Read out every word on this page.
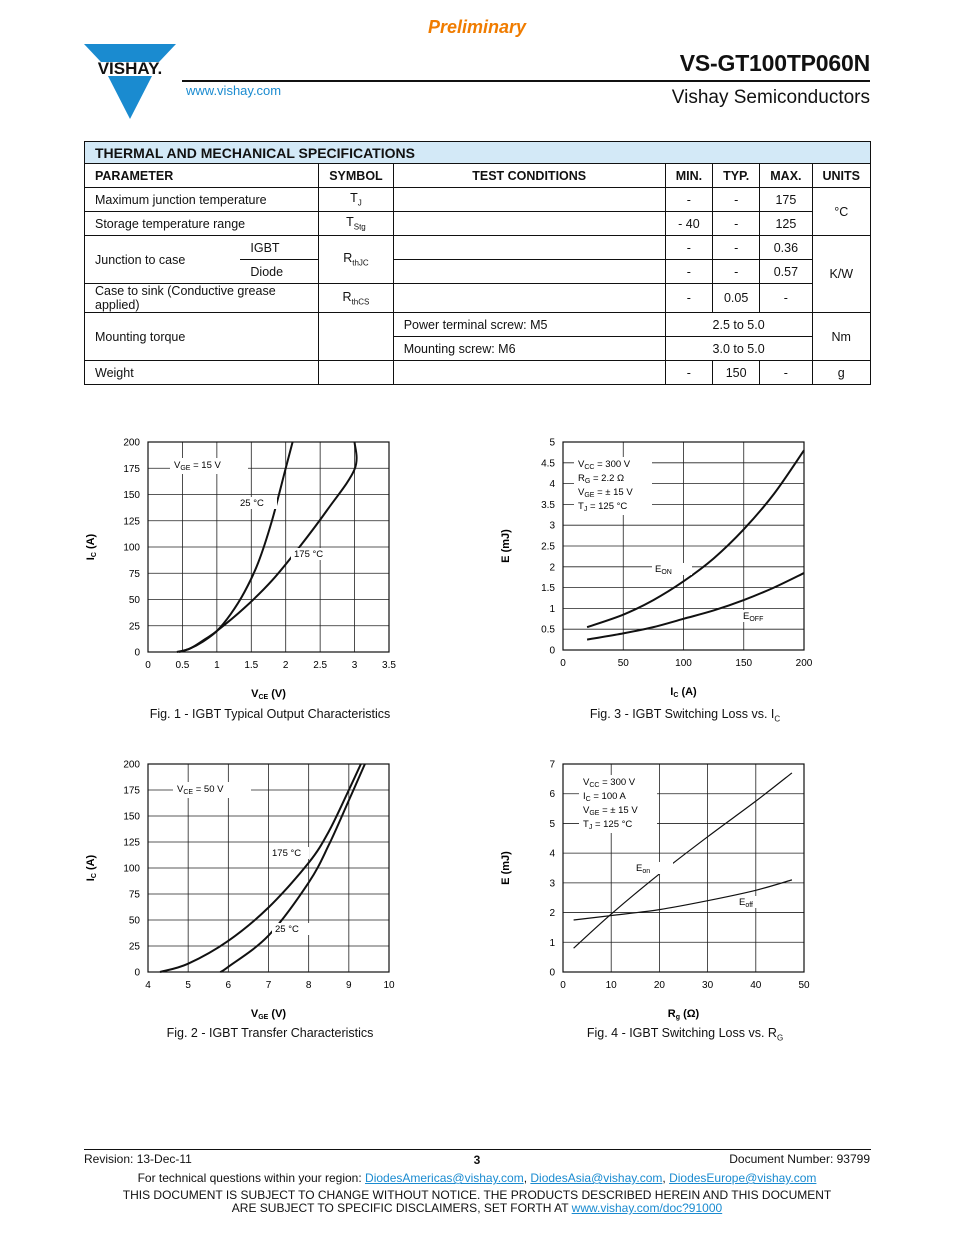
VISHAY.
Preliminary
VS-GT100TP060N
www.vishay.com	Vishay Semiconductors
THERMAL AND MECHANICAL SPECIFICATIONS							
PARAMETER		SYMBOL	TEST CONDITIONS	MIN.	TYP.	MAX.	UNITS
Maximum junction temperature		$T_J$		-	-	175	°C
Storage temperature range		$T_{Stg}$		- 40	-	125	
Junction to case	IGBT	$R_{thJC}$		-	-	0.36	K/W
	Diode			-	-	0.57	
Case to sink (Conductive grease applied)		$R_{thCS}$		-	0.05	-	
Mounting torque			Power terminal screw: M5	2.5 to 5.0			Nm
			Mounting screw: M6	3.0 to 5.0			
Weight				-	150	-	g
0 0.5 1 1.5 2 2.5 3 3.5
0
25
50
75
100
125
150
175
200
VCE (V)
IC (A)
25 °C
175 °C
$V_{GE} = 15$ V
4	5	6	7	8	9	10
0
25
50
75
100
125
150
175
200
VGE (V)
IC (A)
175 °C
25 °C
$V_{CE} = 50$ V
0	50	100	150	200
0
0.5
1
1.5
2
2.5
3
3.5
4
4.5
5
IC (A)
E (mJ)
$E_{ON}$
$E_{OFF}$
$V_{CC} = 300$ V
$R_G = 2.2$ Ω
$V_{GE}$ = ± 15 V
$T_J = 125$ °C
0	10	20	30	40	50
0
1
2
3
4
5
6
7
Rg (Ω)
E (mJ)	$E_{on}$
$E_{off}$
$V_{CC} = 300$ V
$I_C = 100$ A
$V_{GE}$ = ± 15 V
$T_J = 125$ °C
Fig. 1 - IGBT Typical Output Characteristics
Fig. 2 - IGBT Transfer Characteristics
Fig. 3 - IGBT Switching Loss vs. $I_C$
Fig. 4 - IGBT Switching Loss vs. $R_G$
Revision: 13-Dec-11	3	Document Number: 93799
For technical questions within your region: DiodesAmericas@vishay.com, DiodesAsia@vishay.com, DiodesEurope@vishay.com
THIS DOCUMENT IS SUBJECT TO CHANGE WITHOUT NOTICE. THE PRODUCTS DESCRIBED HEREIN AND THIS DOCUMENT
ARE SUBJECT TO SPECIFIC DISCLAIMERS, SET FORTH AT www.vishay.com/doc?91000
